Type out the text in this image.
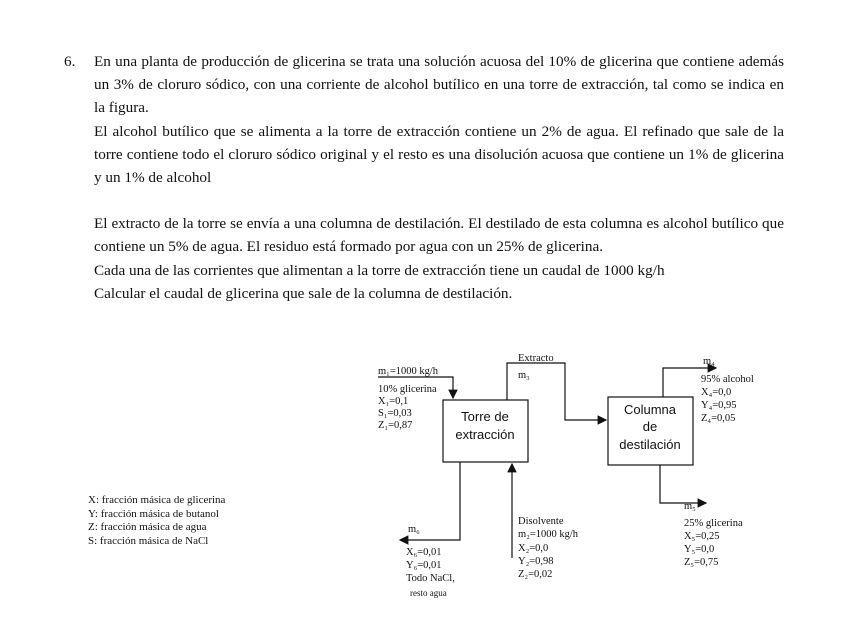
6. En una planta de producción de glicerina se trata una solución acuosa del 10% de glicerina que contiene además un 3% de cloruro sódico, con una corriente de alcohol butílico en una torre de extracción, tal como se indica en la figura.

El alcohol butílico que se alimenta a la torre de extracción contiene un 2% de agua. El refinado que sale de la torre contiene todo el cloruro sódico original y el resto es una disolución acuosa que contiene un 1% de glicerina y un 1% de alcohol

El extracto de la torre se envía a una columna de destilación. El destilado de esta columna es alcohol butílico que contiene un 5% de agua. El residuo está formado por agua con un 25% de glicerina.

Cada una de las corrientes que alimentan a la torre de extracción tiene un caudal de 1000 kg/h

Calcular el caudal de glicerina que sale de la columna de destilación.

Torre de
extracción
Columna
de
destilación
m₁=1000 kg/h
10% glicerina
X₁=0,1
S₁=0,03
Z₁=0,87
Extracto
m₃
m₄
95% alcohol
X₄=0,0
Y₄=0,95
Z₄=0,05
m₅
25% glicerina
X₅=0,25
Y₅=0,0
Z₅=0,75
Disolvente
m₂=1000 kg/h
X₂=0,0
Y₂=0,98
Z₂=0,02
m₆
X₆=0,01
Y₆=0,01
Todo NaCl,
resto agua
X: fracción másica de glicerina
Y: fracción másica de butanol
Z: fracción másica de agua
S: fracción másica de NaCl
